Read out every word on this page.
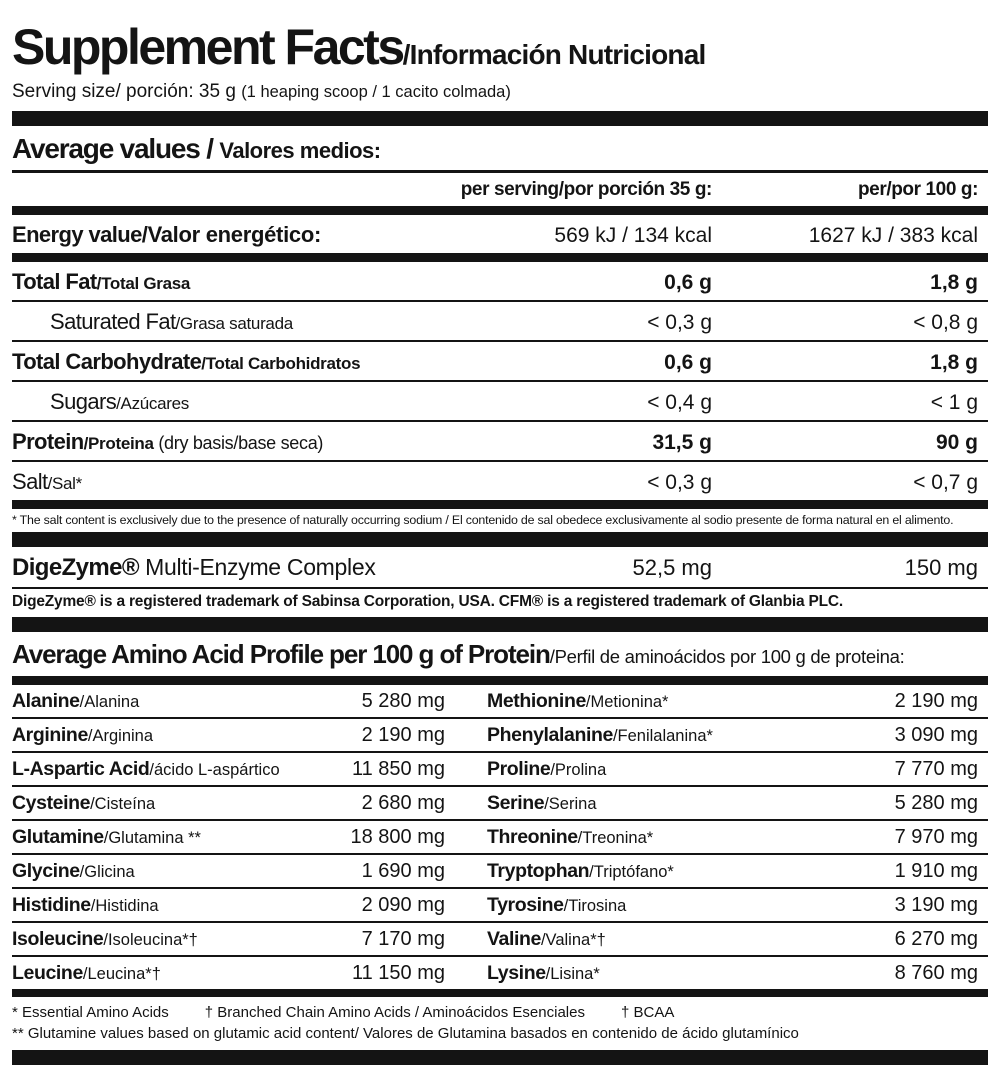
Supplement Facts/Información Nutricional
Serving size/ porción: 35 g (1 heaping scoop / 1 cacito colmada)
Average values / Valores medios:
per serving/por porción 35 g:	per/por 100 g:
Energy value/Valor energético:	569 kJ / 134 kcal	1627 kJ / 383 kcal
Total Fat/Total Grasa	0,6 g	1,8 g
Saturated Fat/Grasa saturada	< 0,3 g	< 0,8 g
Total Carbohydrate/Total Carbohidratos	0,6 g	1,8 g
Sugars/Azúcares	< 0,4 g	< 1 g
Protein/Proteina (dry basis/base seca)	31,5 g	90 g
Salt/Sal*	< 0,3 g	< 0,7 g
* The salt content is exclusively due to the presence of naturally occurring sodium / El contenido de sal obedece exclusivamente al sodio presente de forma natural en el alimento.
DigeZyme® Multi-Enzyme Complex	52,5 mg	150 mg
DigeZyme® is a registered trademark of Sabinsa Corporation, USA. CFM® is a registered trademark of Glanbia PLC.
Average Amino Acid Profile per 100 g of Protein/Perfil de aminoácidos por 100 g de proteina:
Alanine /Alanina	5 280 mg Methionine /Metionina*	2 190 mg
Arginine /Arginina	2 190 mg Phenylalanine /Fenilalanina*	3 090 mg
L-Aspartic Acid /ácido L-aspártico	11 850 mg Proline /Prolina	7 770 mg
Cysteine /Cisteína	2 680 mg Serine /Serina	5 280 mg
Glutamine /Glutamina **	18 800 mg Threonine /Treonina*	7 970 mg
Glycine /Glicina	1 690 mg Tryptophan /Triptófano*	1 910 mg
Histidine /Histidina	2 090 mg Tyrosine /Tirosina	3 190 mg
Isoleucine /Isoleucina*†	7 170 mg Valine /Valina*†	6 270 mg
Leucine /Leucina*†	11 150 mg Lysine /Lisina*	8 760 mg
* Essential Amino Acids † Branched Chain Amino Acids / Aminoácidos Esenciales † BCAA
** Glutamine values based on glutamic acid content/ Valores de Glutamina basados en contenido de ácido glutamínico
